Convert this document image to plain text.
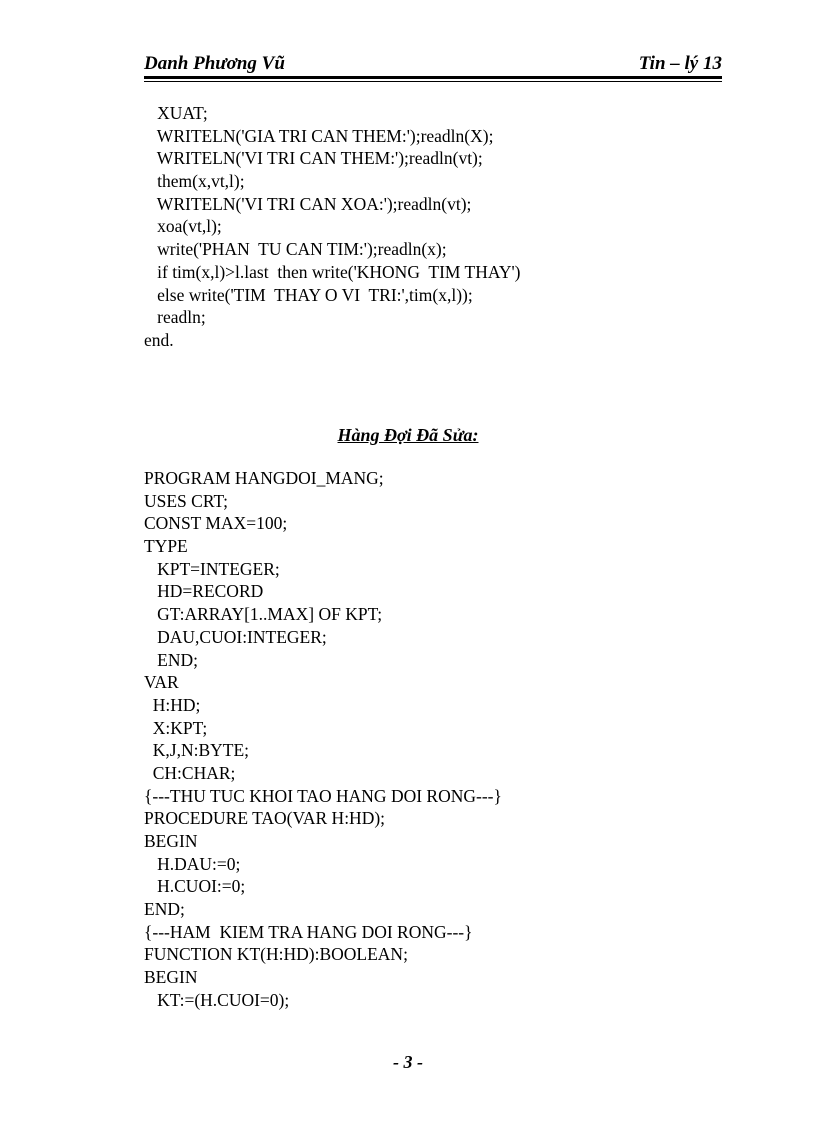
Danh Phương Vũ	Tin – lý 13
XUAT;
WRITELN('GIA TRI CAN THEM:');readln(X);
WRITELN('VI TRI CAN THEM:');readln(vt);
them(x,vt,l);
WRITELN('VI TRI CAN XOA:');readln(vt);
xoa(vt,l);
write('PHAN  TU CAN TIM:');readln(x);
if tim(x,l)>l.last  then write('KHONG  TIM THAY')
else write('TIM  THAY O VI  TRI:',tim(x,l));
readln;
end.
Hàng Đợi Đã Sửa:
PROGRAM HANGDOI_MANG;
USES CRT;
CONST MAX=100;
TYPE
KPT=INTEGER;
HD=RECORD
GT:ARRAY[1..MAX] OF KPT;
DAU,CUOI:INTEGER;
END;
VAR
H:HD;
X:KPT;
K,J,N:BYTE;
CH:CHAR;
{---THU TUC KHOI TAO HANG DOI RONG---}
PROCEDURE TAO(VAR H:HD);
BEGIN
H.DAU:=0;
H.CUOI:=0;
END;
{---HAM  KIEM TRA HANG DOI RONG---}
FUNCTION KT(H:HD):BOOLEAN;
BEGIN
KT:=(H.CUOI=0);
- 3 -
